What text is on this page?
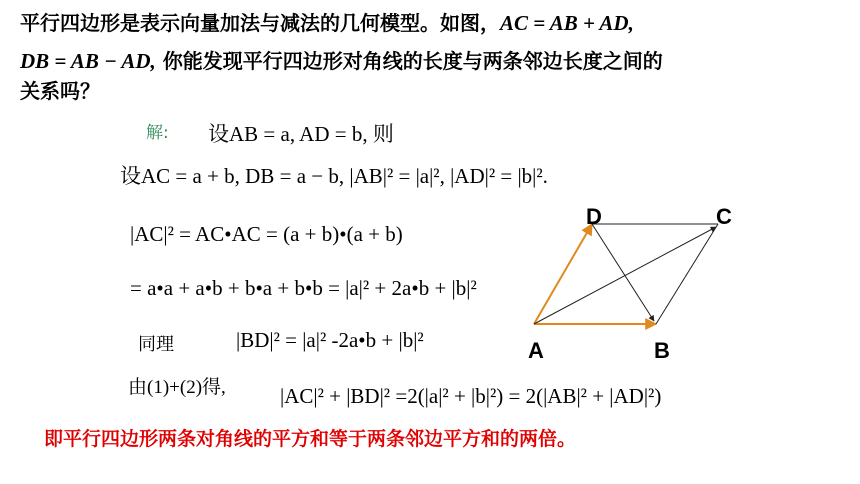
平行四边形是表示向量加法与减法的几何模型。如图，AC = AB + AD,
DB = AB − AD, 你能发现平行四边形对角线的长度与两条邻边长度之间的
关系吗？
解: 设AB = a, AD = b, 则
设AC = a + b, DB = a − b, |AB|² = |a|², |AD|² = |b|².
|AC|² = AC•AC = (a + b)•(a + b)
= a•a + a•b + b•a + b•b = |a|² + 2a•b + |b|²
同理	|BD|² = |a|² -2a•b + |b|²
由(1)+(2)得,	|AC|² + |BD|² =2(|a|² + |b|²) = 2(|AB|² + |AD|²)
即平行四边形两条对角线的平方和等于两条邻边平方和的两倍。
D	C
A	B
